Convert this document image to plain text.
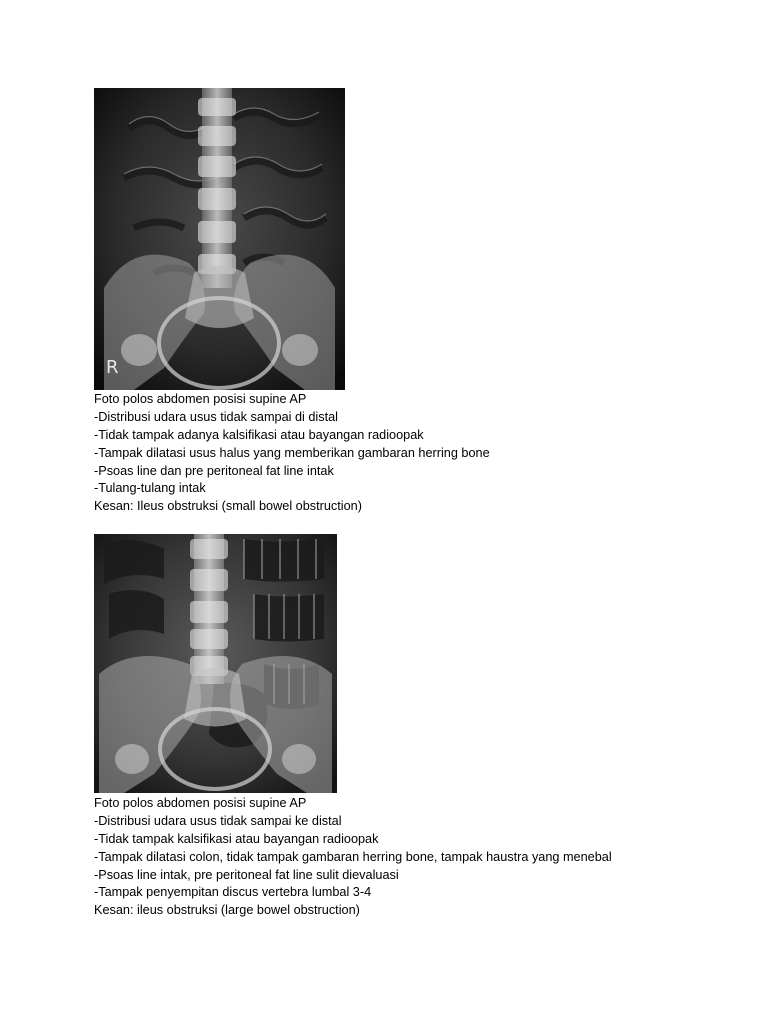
R
Foto polos abdomen posisi supine AP
-Distribusi udara usus tidak sampai di distal
-Tidak tampak adanya kalsifikasi atau bayangan radioopak
-Tampak dilatasi usus halus yang memberikan gambaran herring bone
-Psoas line dan pre peritoneal fat line intak
-Tulang-tulang intak
Kesan: Ileus obstruksi (small bowel obstruction)
Foto polos abdomen posisi supine AP
-Distribusi udara usus tidak sampai ke distal
-Tidak tampak kalsifikasi atau bayangan radioopak
-Tampak dilatasi colon, tidak tampak gambaran herring bone, tampak haustra yang menebal
-Psoas line intak, pre peritoneal fat line sulit dievaluasi
-Tampak penyempitan discus vertebra lumbal 3-4
Kesan: ileus obstruksi (large bowel obstruction)
